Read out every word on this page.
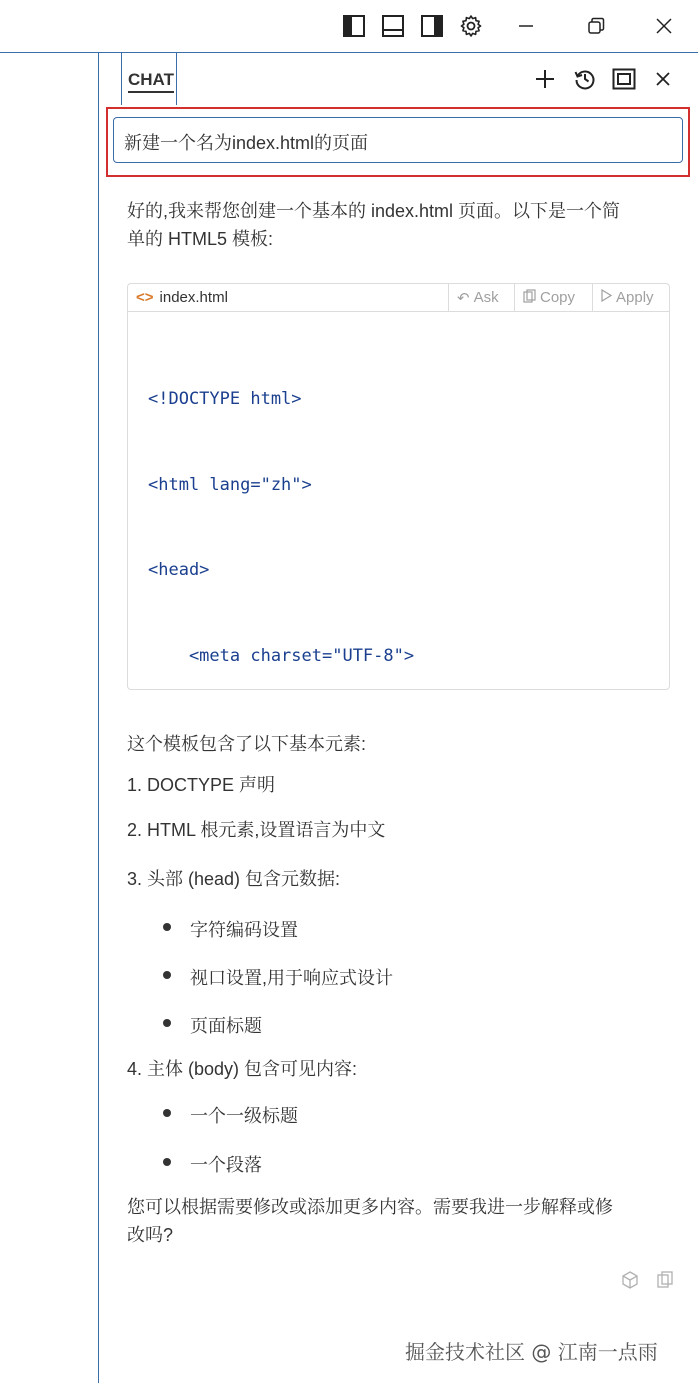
CHAT
新建一个名为index.html的页面
好的,我来帮您创建一个基本的 index.html 页面。以下是一个简
单的 HTML5 模板:
<> index.html	↶ Ask	Copy	Apply

<!DOCTYPE html>

<html lang="zh">

<head>

<meta charset="UTF-8">

这个模板包含了以下基本元素:
1. DOCTYPE 声明
2. HTML 根元素,设置语言为中文
3. 头部 (head) 包含元数据:
字符编码设置
视口设置,用于响应式设计
页面标题
4. 主体 (body) 包含可见内容:
一个一级标题
一个段落
您可以根据需要修改或添加更多内容。需要我进一步解释或修
改吗?
掘金技术社区 @ 江南一点雨
